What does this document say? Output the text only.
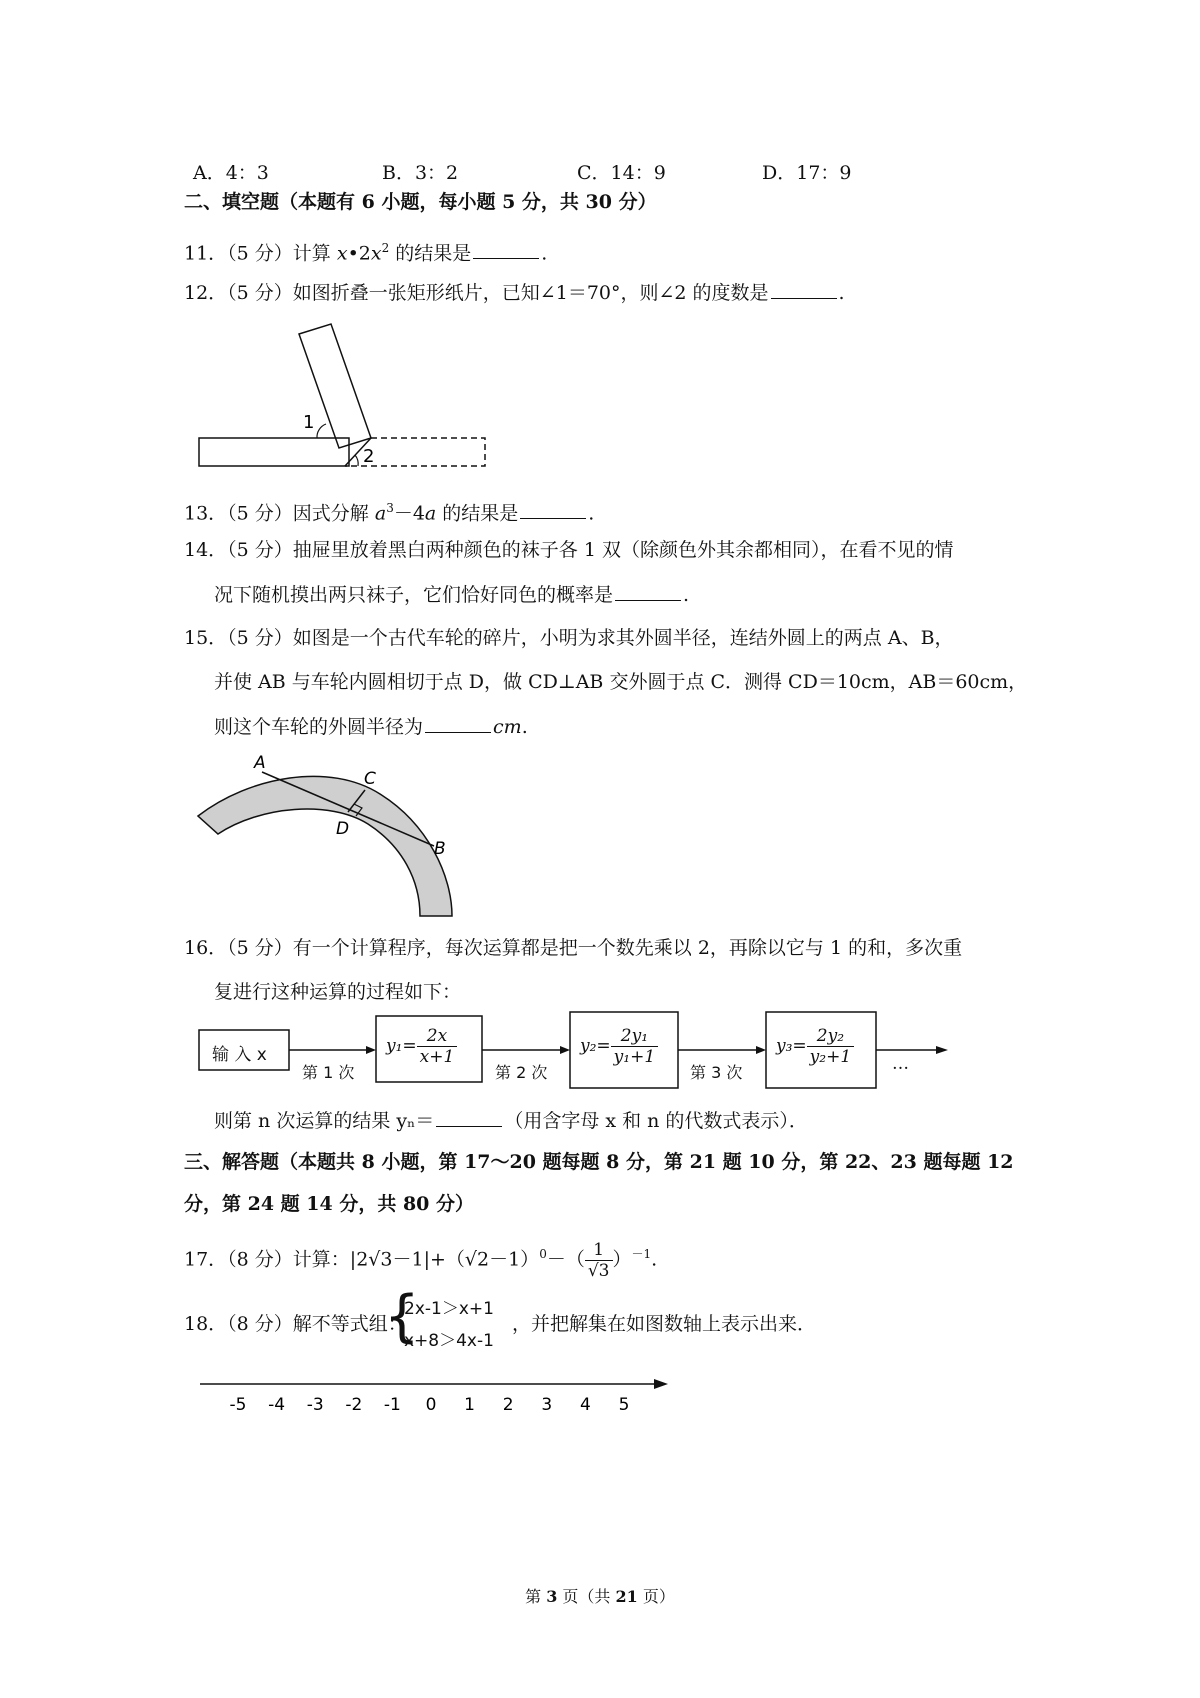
A．4：3	B．3：2	C．14：9	D．17：9
二、填空题（本题有 6 小题，每小题 5 分，共 30 分）
11．（5 分）计算 $x•2x^2$ 的结果是	.
12．（5 分）如图折叠一张矩形纸片，已知∠1＝70°，则∠2 的度数是	.
1
2
13．（5 分）因式分解 $a^3-4a$ 的结果是	.
14．（5 分）抽屉里放着黑白两种颜色的袜子各 1 双（除颜色外其余都相同），在看不见的情
况下随机摸出两只袜子，它们恰好同色的概率是	.
15．（5 分）如图是一个古代车轮的碎片，小明为求其外圆半径，连结外圆上的两点 A、B，
并使 AB 与车轮内圆相切于点 D，做 CD⊥AB 交外圆于点 C．测得 CD＝10cm，AB＝60cm，
则这个车轮的外圆半径为	cm.
A
C
D
B
16．（5 分）有一个计算程序，每次运算都是把一个数先乘以 2，再除以它与 1 的和，多次重
复进行这种运算的过程如下：
输 入 x
第 1 次	第 2 次	第 3 次
$y_1= \frac{2x}{x+1}$	$y_2= \frac{\text{2y₁}}{\text{y₁+1}}$	$y_3= \frac{\text{2y₂}}{\text{y₂+1}}$ …
则第 n 次运算的结果 yₙ＝	（用含字母 x 和 n 的代数式表示）．
三、解答题（本题共 8 小题，第 17～20 题每题 8 分，第 21 题 10 分，第 22、23 题每题 12
分，第 24 题 14 分，共 80 分）
17．（8 分）计算：$|2√3-1|+(√2-1)^0-( \frac{1}{√3} )^{-1}$.
18．（8 分）解不等式组：
{
2x-1＞x+1
x+8＞4x-1
，并把解集在如图数轴上表示出来．
-5 -4 -3 -2 -1 0 1 2 3 4 5
第 3 页（共 21 页）
